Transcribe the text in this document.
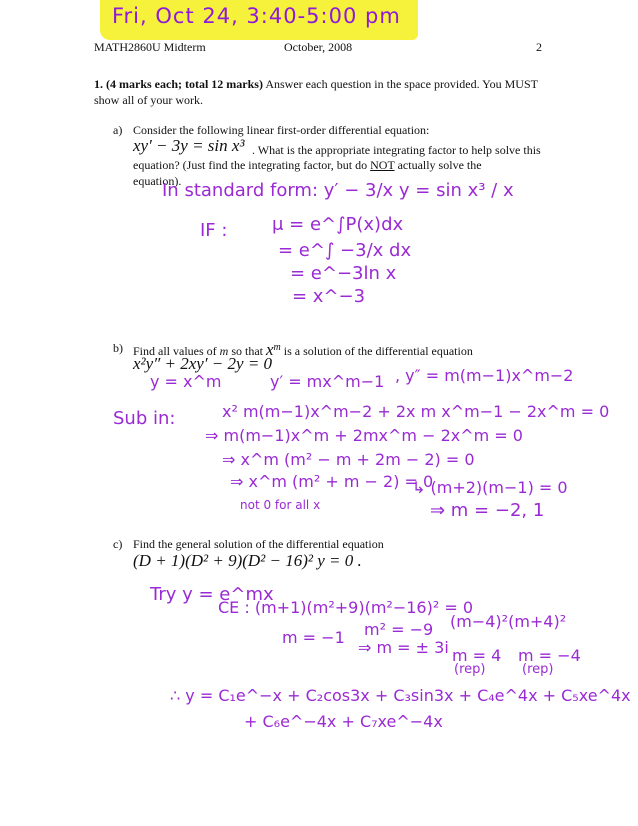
Fri, Oct 24, 3:40-5:00 pm
MATH2860U Midterm	October, 2008	2
1. (4 marks each; total 12 marks) Answer each question in the space provided. You MUST show all of your work.
a) Consider the following linear first-order differential equation:
xy′ − 3y = sin x³ . What is the appropriate integrating factor to help solve this
equation? (Just find the integrating factor, but do NOT actually solve the
equation).
In standard form: y′ − 3/x y = sin x³ / x
IF : μ = e^∫P(x)dx
= e^∫ −3/x dx
= e^−3ln x
= x^−3
b) Find all values of m so that $x^m$ is a solution of the differential equation
x²y″ + 2xy′ − 2y = 0
y = x^m	y′ = mx^m−1 , y″ = m(m−1)x^m−2
Sub in:	x² m(m−1)x^m−2 + 2x m x^m−1 − 2x^m = 0
⇒ m(m−1)x^m + 2mx^m − 2x^m = 0
⇒ x^m (m² − m + 2m − 2) = 0
⇒ x^m (m² + m − 2) = 0
↳ (m+2)(m−1) = 0
not 0 for all x	⇒ m = −2, 1
c) Find the general solution of the differential equation
(D + 1)(D² + 9)(D² − 16)² y = 0 .
Try y = e^mx
CE : (m+1)(m²+9)(m²−16)² = 0
m = −1 m² = −9
⇒ m = ± 3i
(m−4)²(m+4)²
m = 4
(rep)
m = −4
(rep)
∴ y = C₁e^−x + C₂cos3x + C₃sin3x + C₄e^4x + C₅xe^4x
+ C₆e^−4x + C₇xe^−4x
